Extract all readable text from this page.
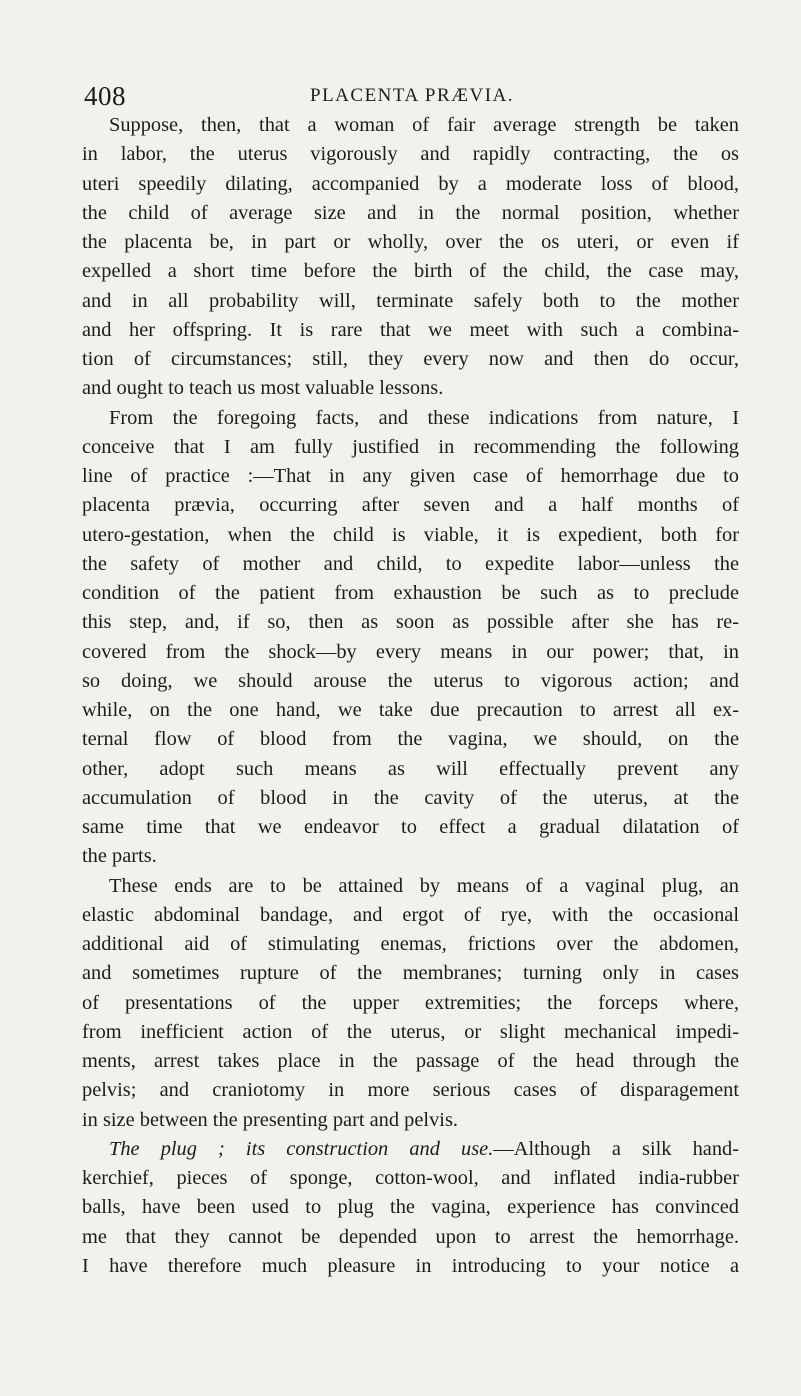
408	PLACENTA PRÆVIA.
Suppose, then, that a woman of fair average strength be taken
in labor, the uterus vigorously and rapidly contracting, the os
uteri speedily dilating, accompanied by a moderate loss of blood,
the child of average size and in the normal position, whether
the placenta be, in part or wholly, over the os uteri, or even if
expelled a short time before the birth of the child, the case may,
and in all probability will, terminate safely both to the mother
and her offspring. It is rare that we meet with such a combina-
tion of circumstances; still, they every now and then do occur,
and ought to teach us most valuable lessons.
From the foregoing facts, and these indications from nature, I
conceive that I am fully justified in recommending the following
line of practice :—That in any given case of hemorrhage due to
placenta prævia, occurring after seven and a half months of
utero-gestation, when the child is viable, it is expedient, both for
the safety of mother and child, to expedite labor—unless the
condition of the patient from exhaustion be such as to preclude
this step, and, if so, then as soon as possible after she has re-
covered from the shock—by every means in our power; that, in
so doing, we should arouse the uterus to vigorous action; and
while, on the one hand, we take due precaution to arrest all ex-
ternal flow of blood from the vagina, we should, on the
other, adopt such means as will effectually prevent any
accumulation of blood in the cavity of the uterus, at the
same time that we endeavor to effect a gradual dilatation of
the parts.
These ends are to be attained by means of a vaginal plug, an
elastic abdominal bandage, and ergot of rye, with the occasional
additional aid of stimulating enemas, frictions over the abdomen,
and sometimes rupture of the membranes; turning only in cases
of presentations of the upper extremities; the forceps where,
from inefficient action of the uterus, or slight mechanical impedi-
ments, arrest takes place in the passage of the head through the
pelvis; and craniotomy in more serious cases of disparagement
in size between the presenting part and pelvis.
The plug ; its construction and use.—Although a silk hand-
kerchief, pieces of sponge, cotton-wool, and inflated india-rubber
balls, have been used to plug the vagina, experience has convinced
me that they cannot be depended upon to arrest the hemorrhage.
I have therefore much pleasure in introducing to your notice a
